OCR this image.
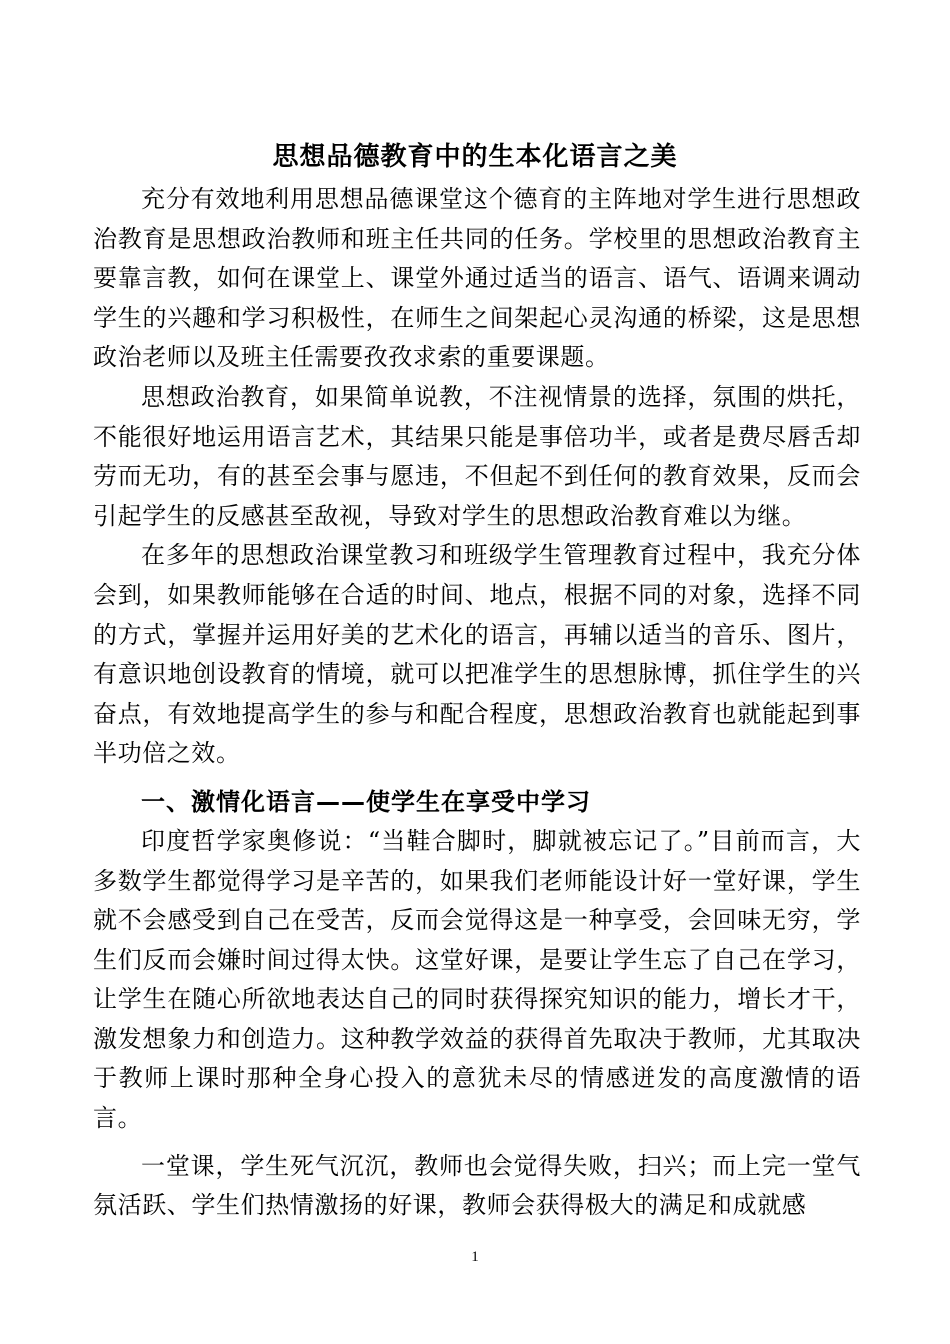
思想品德教育中的生本化语言之美

充分有效地利用思想品德课堂这个德育的主阵地对学生进行思想政治教育是思想政治教师和班主任共同的任务。学校里的思想政治教育主要靠言教，如何在课堂上、课堂外通过适当的语言、语气、语调来调动学生的兴趣和学习积极性，在师生之间架起心灵沟通的桥梁，这是思想政治老师以及班主任需要孜孜求索的重要课题。

思想政治教育，如果简单说教，不注视情景的选择，氛围的烘托，不能很好地运用语言艺术，其结果只能是事倍功半，或者是费尽唇舌却劳而无功，有的甚至会事与愿违，不但起不到任何的教育效果，反而会引起学生的反感甚至敌视，导致对学生的思想政治教育难以为继。

在多年的思想政治课堂教习和班级学生管理教育过程中，我充分体会到，如果教师能够在合适的时间、地点，根据不同的对象，选择不同的方式，掌握并运用好美的艺术化的语言，再辅以适当的音乐、图片，有意识地创设教育的情境，就可以把准学生的思想脉博，抓住学生的兴奋点，有效地提高学生的参与和配合程度，思想政治教育也就能起到事半功倍之效。

一、激情化语言——使学生在享受中学习

印度哲学家奥修说：“当鞋合脚时，脚就被忘记了。”目前而言，大多数学生都觉得学习是辛苦的，如果我们老师能设计好一堂好课，学生就不会感受到自己在受苦，反而会觉得这是一种享受，会回味无穷，学生们反而会嫌时间过得太快。这堂好课，是要让学生忘了自己在学习，让学生在随心所欲地表达自己的同时获得探究知识的能力，增长才干，激发想象力和创造力。这种教学效益的获得首先取决于教师，尤其取决于教师上课时那种全身心投入的意犹未尽的情感迸发的高度激情的语言。

一堂课，学生死气沉沉，教师也会觉得失败，扫兴；而上完一堂气氛活跃、学生们热情激扬的好课，教师会获得极大的满足和成就感

1
